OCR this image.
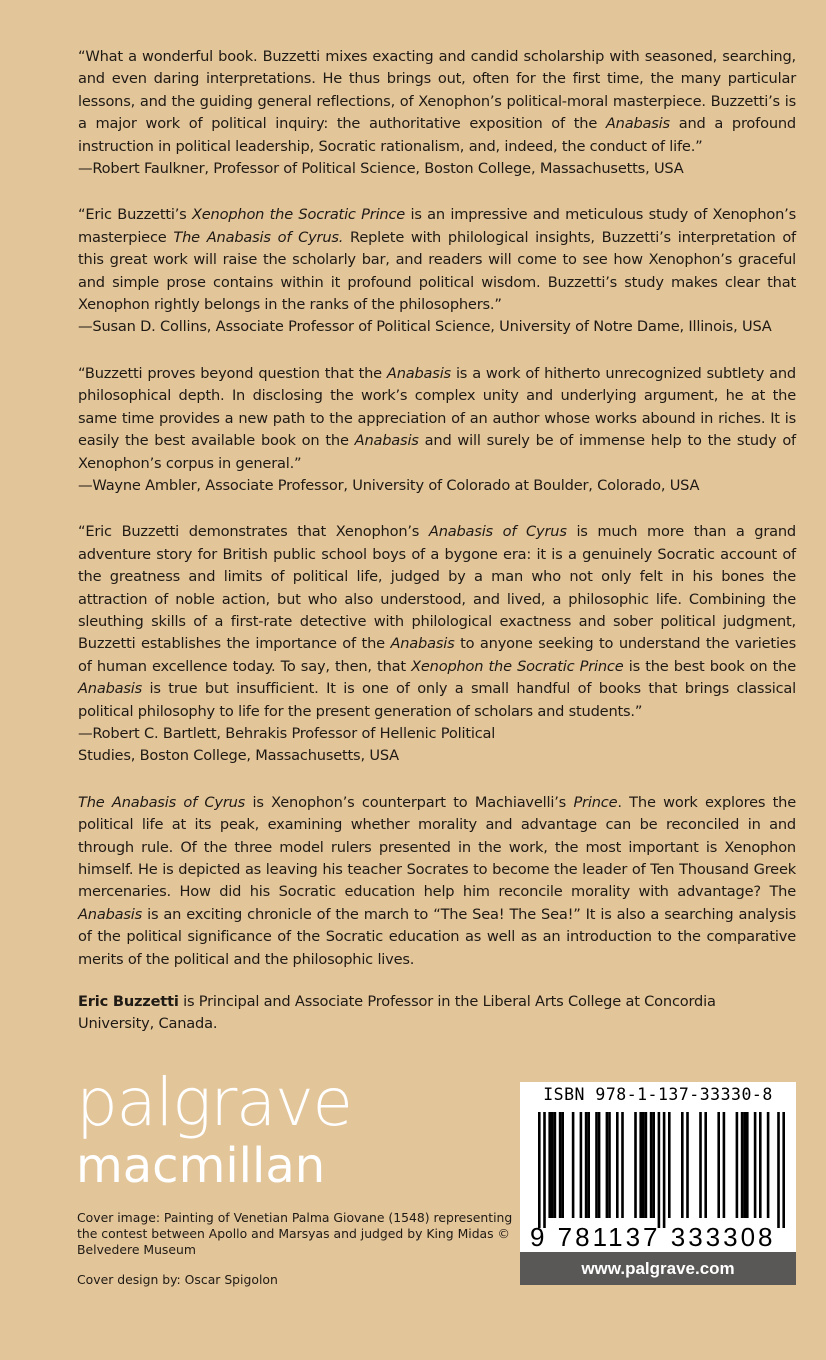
“What a wonderful book. Buzzetti mixes exacting and candid scholarship with seasoned, searching, and even daring interpretations. He thus brings out, often for the first time, the many particular lessons, and the guiding general reflections, of Xenophon’s political-moral masterpiece. Buzzetti’s is a major work of political inquiry: the authoritative exposition of the Anabasis and a profound instruction in political leadership, Socratic rationalism, and, indeed, the conduct of life.”

—Robert Faulkner, Professor of Political Science, Boston College, Massachusetts, USA

“Eric Buzzetti’s Xenophon the Socratic Prince is an impressive and meticulous study of Xenophon’s masterpiece The Anabasis of Cyrus. Replete with philological insights, Buzzetti’s interpretation of this great work will raise the scholarly bar, and readers will come to see how Xenophon’s graceful and simple prose contains within it profound political wisdom. Buzzetti’s study makes clear that Xenophon rightly belongs in the ranks of the philosophers.”

—Susan D. Collins, Associate Professor of Political Science, University of Notre Dame, Illinois, USA

“Buzzetti proves beyond question that the Anabasis is a work of hitherto unrecognized subtlety and philosophical depth. In disclosing the work’s complex unity and underlying argument, he at the same time provides a new path to the appreciation of an author whose works abound in riches. It is easily the best available book on the Anabasis and will surely be of immense help to the study of Xenophon’s corpus in general.”

—Wayne Ambler, Associate Professor, University of Colorado at Boulder, Colorado, USA

“Eric Buzzetti demonstrates that Xenophon’s Anabasis of Cyrus is much more than a grand adventure story for British public school boys of a bygone era: it is a genuinely Socratic account of the greatness and limits of political life, judged by a man who not only felt in his bones the attraction of noble action, but who also understood, and lived, a philosophic life. Combining the sleuthing skills of a first-rate detective with philological exactness and sober political judgment, Buzzetti establishes the importance of the Anabasis to anyone seeking to understand the varieties of human excellence today. To say, then, that Xenophon the Socratic Prince is the best book on the Anabasis is true but insufficient. It is one of only a small handful of books that brings classical political philosophy to life for the present generation of scholars and students.”

—Robert C. Bartlett, Behrakis Professor of Hellenic Political

Studies, Boston College, Massachusetts, USA

The Anabasis of Cyrus is Xenophon’s counterpart to Machiavelli’s Prince. The work explores the political life at its peak, examining whether morality and advantage can be reconciled in and through rule. Of the three model rulers presented in the work, the most important is Xenophon himself. He is depicted as leaving his teacher Socrates to become the leader of Ten Thousand Greek mercenaries. How did his Socratic education help him reconcile morality with advantage? The Anabasis is an exciting chronicle of the march to “The Sea! The Sea!” It is also a searching analysis of the political significance of the Socratic education as well as an introduction to the comparative merits of the political and the philosophic lives.

Eric Buzzetti is Principal and Associate Professor in the Liberal Arts College at Concordia University, Canada.

palgrave
macmillan
Cover image: Painting of Venetian Palma Giovane (1548) representing the contest between Apollo and Marsyas and judged by King Midas © Belvedere Museum
Cover design by: Oscar Spigolon
ISBN 978-1-137-33330-8
9 781137 333308
www.palgrave.com
